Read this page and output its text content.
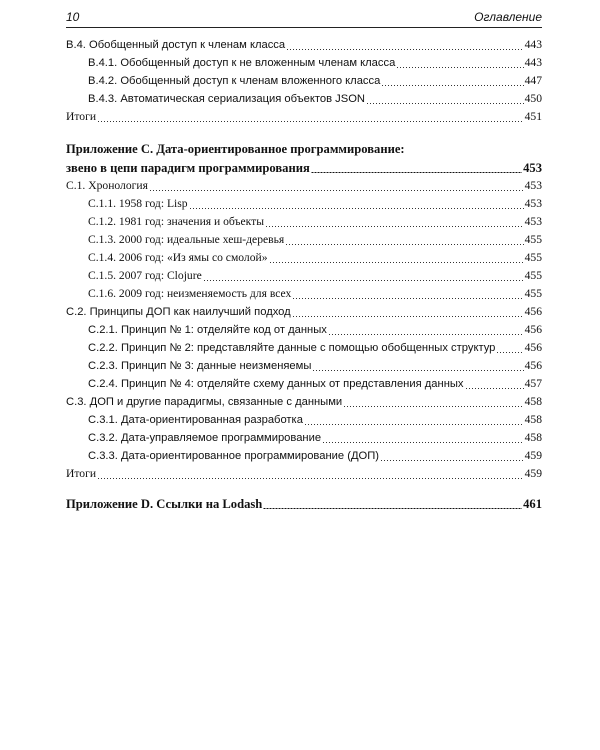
10	Оглавление
B.4. Обобщенный доступ к членам класса	443
B.4.1. Обобщенный доступ к не вложенным членам класса	443
B.4.2. Обобщенный доступ к членам вложенного класса	447
B.4.3. Автоматическая сериализация объектов JSON	450
Итоги	451
Приложение С. Дата-ориентированное программирование:
звено в цепи парадигм программирования	453
С.1. Хронология	453
С.1.1. 1958 год: Lisp	453
С.1.2. 1981 год: значения и объекты	453
С.1.3. 2000 год: идеальные хеш-деревья	455
С.1.4. 2006 год: «Из ямы со смолой»	455
С.1.5. 2007 год: Clojure	455
С.1.6. 2009 год: неизменяемость для всех	455
С.2. Принципы ДОП как наилучший подход	456
С.2.1. Принцип № 1: отделяйте код от данных	456
С.2.2. Принцип № 2: представляйте данные с помощью обобщенных структур	456
С.2.3. Принцип № 3: данные неизменяемы	456
С.2.4. Принцип № 4: отделяйте схему данных от представления данных	457
С.3. ДОП и другие парадигмы, связанные с данными	458
С.3.1. Дата-ориентированная разработка	458
С.3.2. Дата-управляемое программирование	458
С.3.3. Дата-ориентированное программирование (ДОП)	459
Итоги	459
Приложение D. Ссылки на Lodash	461
